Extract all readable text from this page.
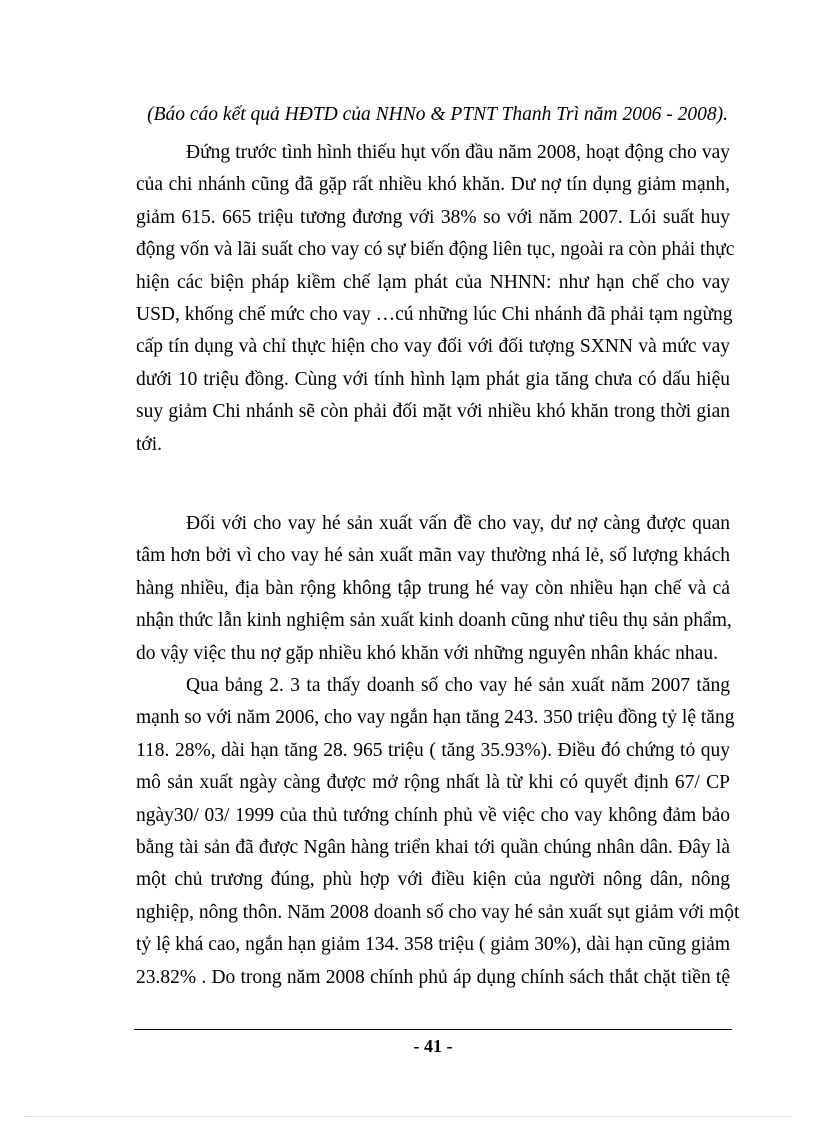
(Báo cáo kết quả HĐTD của NHNo & PTNT Thanh Trì năm 2006 - 2008).
Đứng trước tình hình thiếu hụt vốn đầu năm 2008, hoạt động cho vay
của chi nhánh cũng đã gặp rất nhiều khó khăn. Dư nợ tín dụng giảm mạnh,
giảm 615. 665 triệu tương đương với 38% so với năm 2007. Lói suất huy
động vốn và lãi suất cho vay có sự biến động liên tục, ngoài ra còn phải thực
hiện các biện pháp kiềm chế lạm phát của NHNN: như hạn chế cho vay
USD, khống chế mức cho vay …cú những lúc Chi nhánh đã phải tạm ngừng
cấp tín dụng và chỉ thực hiện cho vay đối với đối tượng SXNN và mức vay
dưới 10 triệu đồng. Cùng với tính hình lạm phát gia tăng chưa có dấu hiệu
suy giảm Chi nhánh sẽ còn phải đối mặt với nhiều khó khăn trong thời gian
tới.
Đối với cho vay hé sản xuất vấn đề cho vay, dư nợ càng được quan
tâm hơn bởi vì cho vay hé sản xuất mãn vay thường nhá lẻ, số lượng khách
hàng nhiều, địa bàn rộng không tập trung hé vay còn nhiều hạn chế và cả
nhận thức lẫn kinh nghiệm sản xuất kinh doanh cũng như tiêu thụ sản phẩm,
do vậy việc thu nợ gặp nhiều khó khăn với những nguyên nhân khác nhau.
Qua bảng 2. 3 ta thấy doanh số cho vay hé sản xuất năm 2007 tăng
mạnh so với năm 2006, cho vay ngắn hạn tăng 243. 350 triệu đồng tỷ lệ tăng
118. 28%, dài hạn tăng 28. 965 triệu ( tăng 35.93%). Điều đó chứng tỏ quy
mô sản xuất ngày càng được mở rộng nhất là từ khi có quyết định 67/ CP
ngày30/ 03/ 1999 của thủ tướng chính phủ về việc cho vay không đảm bảo
bằng tài sản đã được Ngân hàng triển khai tới quần chúng nhân dân. Đây là
một chủ trương đúng, phù hợp với điều kiện của người nông dân, nông
nghiệp, nông thôn. Năm 2008 doanh số cho vay hé sản xuất sụt giảm với một
tỷ lệ khá cao, ngắn hạn giảm 134. 358 triệu ( giảm 30%), dài hạn cũng giảm
23.82% . Do trong năm 2008 chính phủ áp dụng chính sách thắt chặt tiền tệ
- 41 -
